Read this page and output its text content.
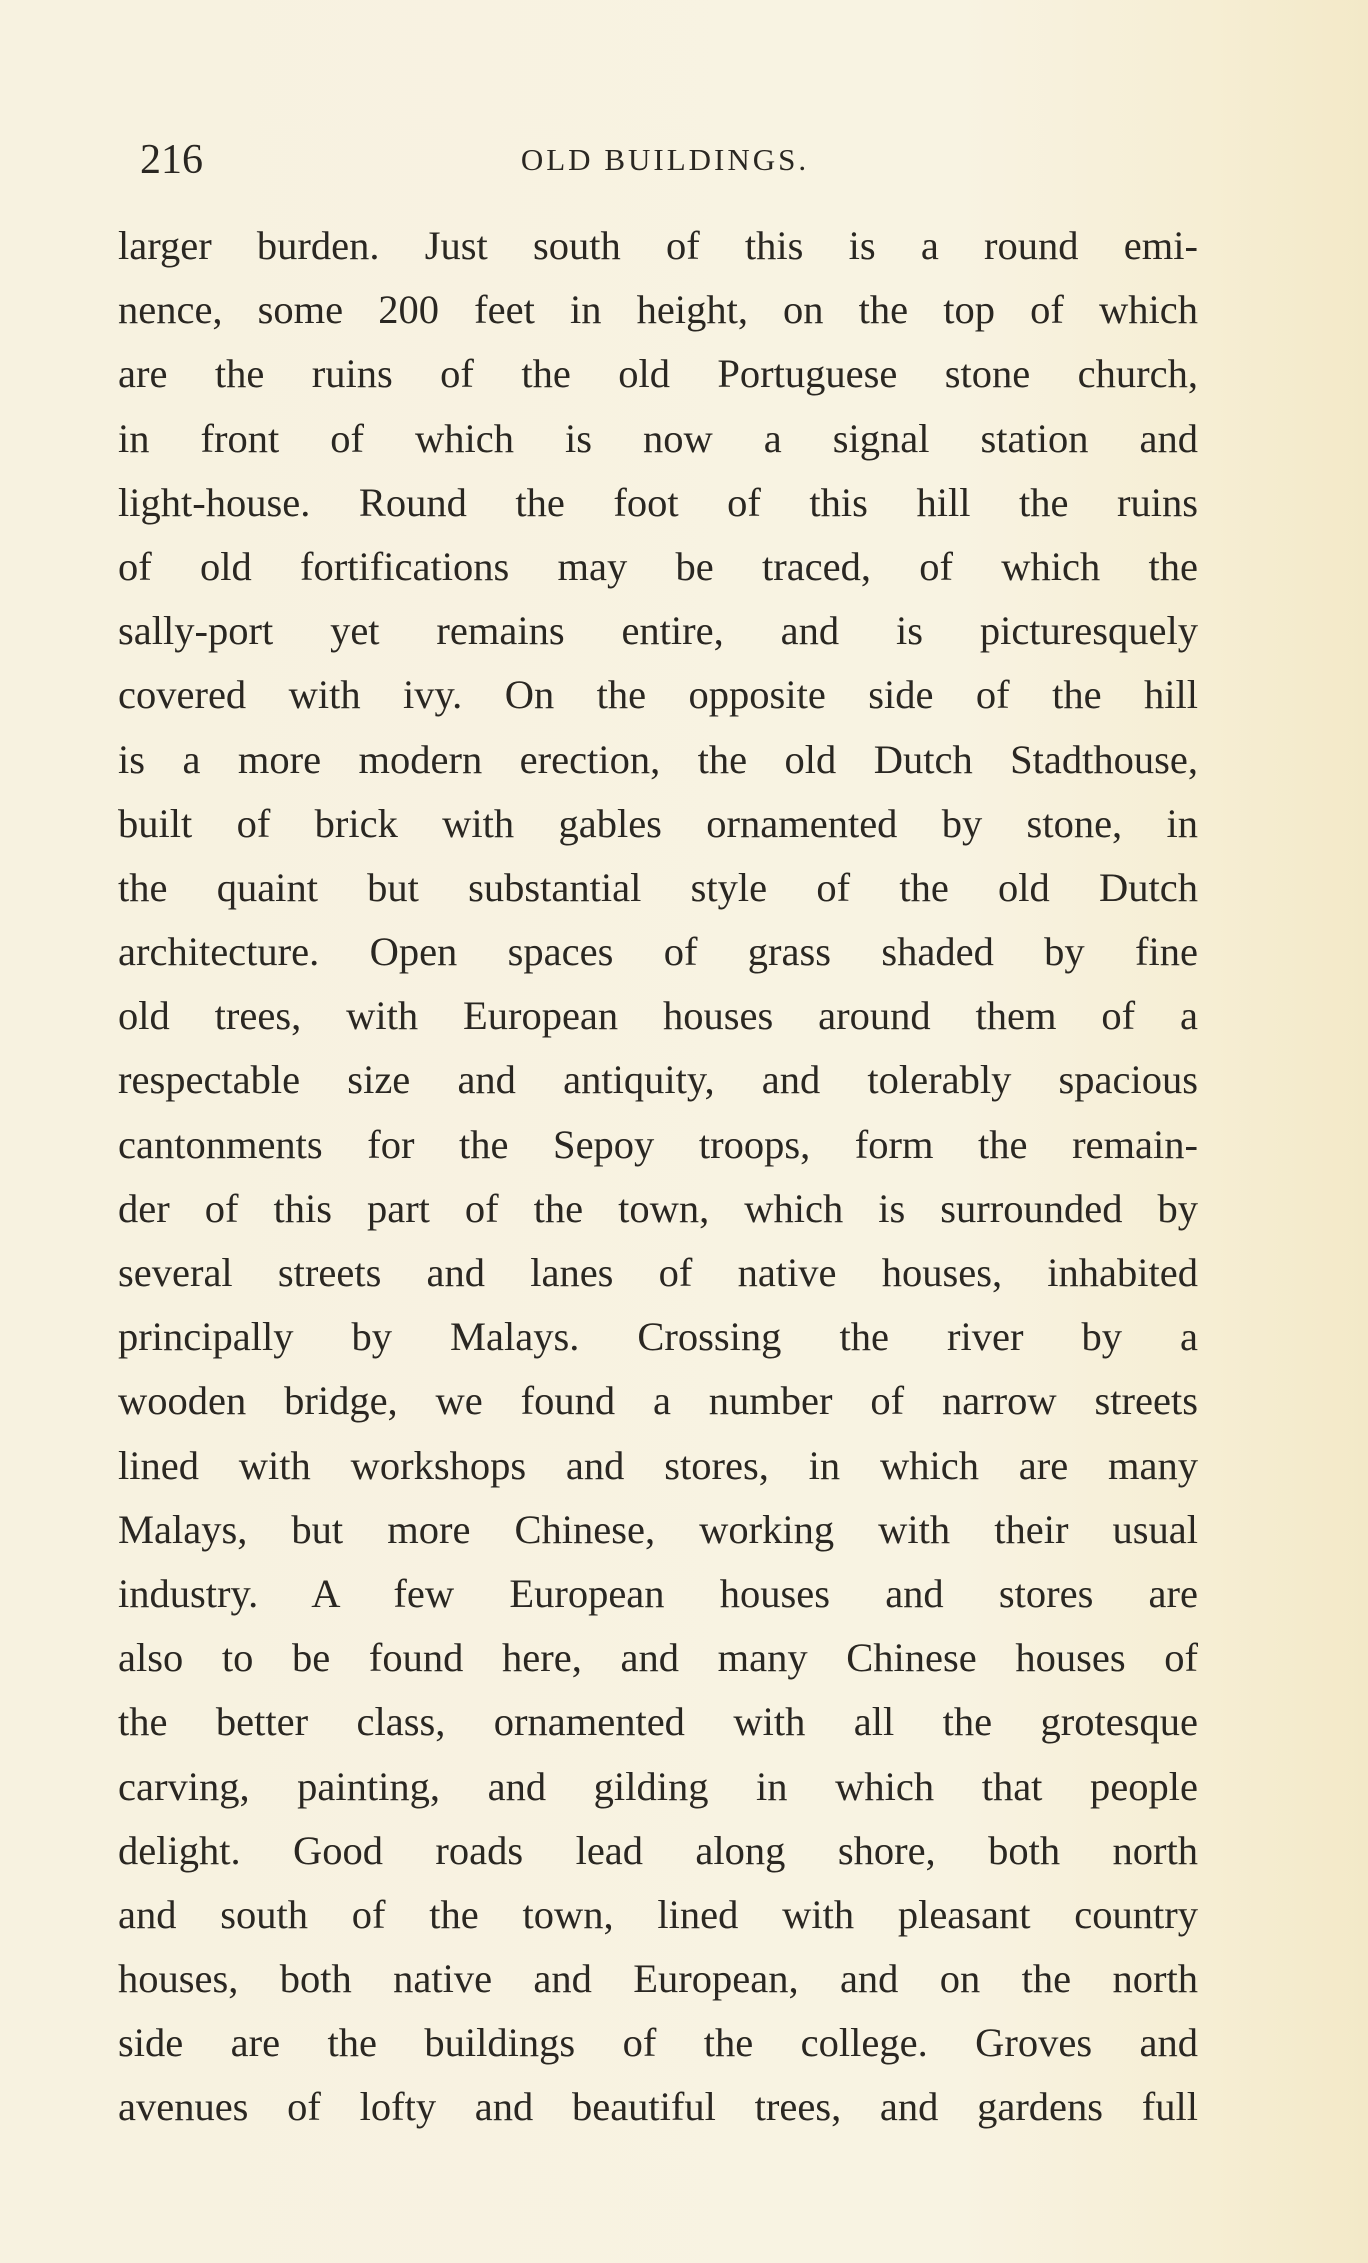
216	OLD BUILDINGS.
larger burden. Just south of this is a round emi-
nence, some 200 feet in height, on the top of which
are the ruins of the old Portuguese stone church,
in front of which is now a signal station and
light-house. Round the foot of this hill the ruins
of old fortifications may be traced, of which the
sally-port yet remains entire, and is picturesquely
covered with ivy. On the opposite side of the hill
is a more modern erection, the old Dutch Stadthouse,
built of brick with gables ornamented by stone, in
the quaint but substantial style of the old Dutch
architecture. Open spaces of grass shaded by fine
old trees, with European houses around them of a
respectable size and antiquity, and tolerably spacious
cantonments for the Sepoy troops, form the remain-
der of this part of the town, which is surrounded by
several streets and lanes of native houses, inhabited
principally by Malays. Crossing the river by a
wooden bridge, we found a number of narrow streets
lined with workshops and stores, in which are many
Malays, but more Chinese, working with their usual
industry. A few European houses and stores are
also to be found here, and many Chinese houses of
the better class, ornamented with all the grotesque
carving, painting, and gilding in which that people
delight. Good roads lead along shore, both north
and south of the town, lined with pleasant country
houses, both native and European, and on the north
side are the buildings of the college. Groves and
avenues of lofty and beautiful trees, and gardens full
